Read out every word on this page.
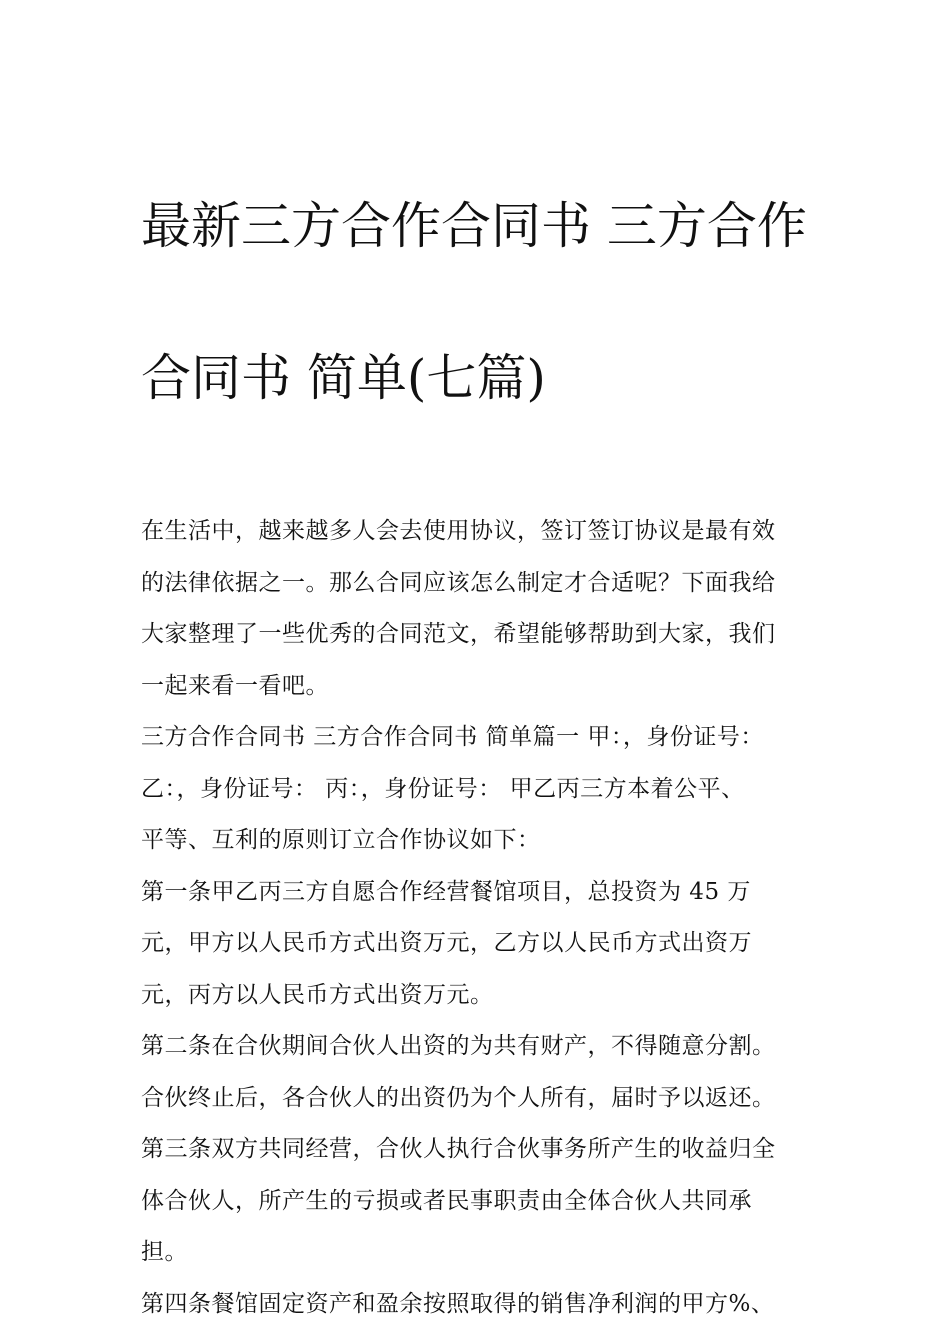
最新三方合作合同书 三方合作

合同书 简单(七篇)

在生活中，越来越多人会去使用协议，签订签订协议是最有效
的法律依据之一。那么合同应该怎么制定才合适呢？下面我给
大家整理了一些优秀的合同范文，希望能够帮助到大家，我们
一起来看一看吧。
三方合作合同书 三方合作合同书 简单篇一 甲：，身份证号：
乙：，身份证号： 丙：，身份证号： 甲乙丙三方本着公平、
平等、互利的原则订立合作协议如下：
第一条甲乙丙三方自愿合作经营餐馆项目，总投资为 45 万
元，甲方以人民币方式出资万元，乙方以人民币方式出资万
元，丙方以人民币方式出资万元。
第二条在合伙期间合伙人出资的为共有财产，不得随意分割。
合伙终止后，各合伙人的出资仍为个人所有，届时予以返还。
第三条双方共同经营，合伙人执行合伙事务所产生的收益归全
体合伙人，所产生的亏损或者民事职责由全体合伙人共同承
担。
第四条餐馆固定资产和盈余按照取得的销售净利润的甲方%、
